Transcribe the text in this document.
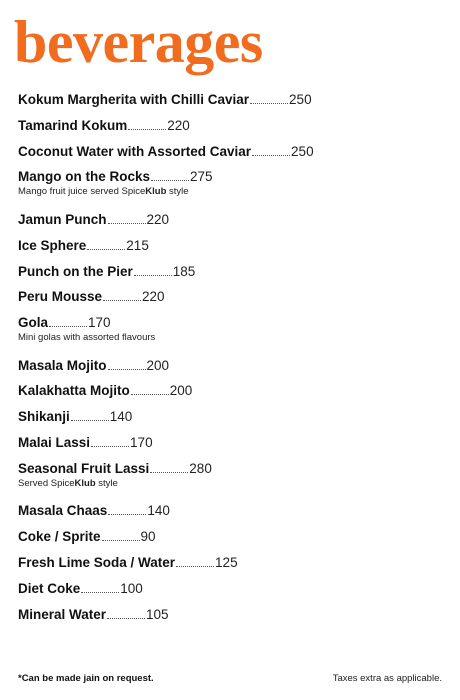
beverages
Kokum Margherita with Chilli Caviar	250
Tamarind Kokum	220
Coconut Water with Assorted Caviar	250
Mango on the Rocks	275
Mango fruit juice served SpiceKlub style
Jamun Punch	220
Ice Sphere	215
Punch on the Pier	185
Peru Mousse	220
Gola	170
Mini golas with assorted flavours
Masala Mojito	200
Kalakhatta Mojito	200
Shikanji	140
Malai Lassi	170
Seasonal Fruit Lassi	280
Served SpiceKlub style
Masala Chaas	140
Coke / Sprite	90
Fresh Lime Soda / Water	125
Diet Coke	100
Mineral Water	105
*Can be made jain on request.	Taxes extra as applicable.
